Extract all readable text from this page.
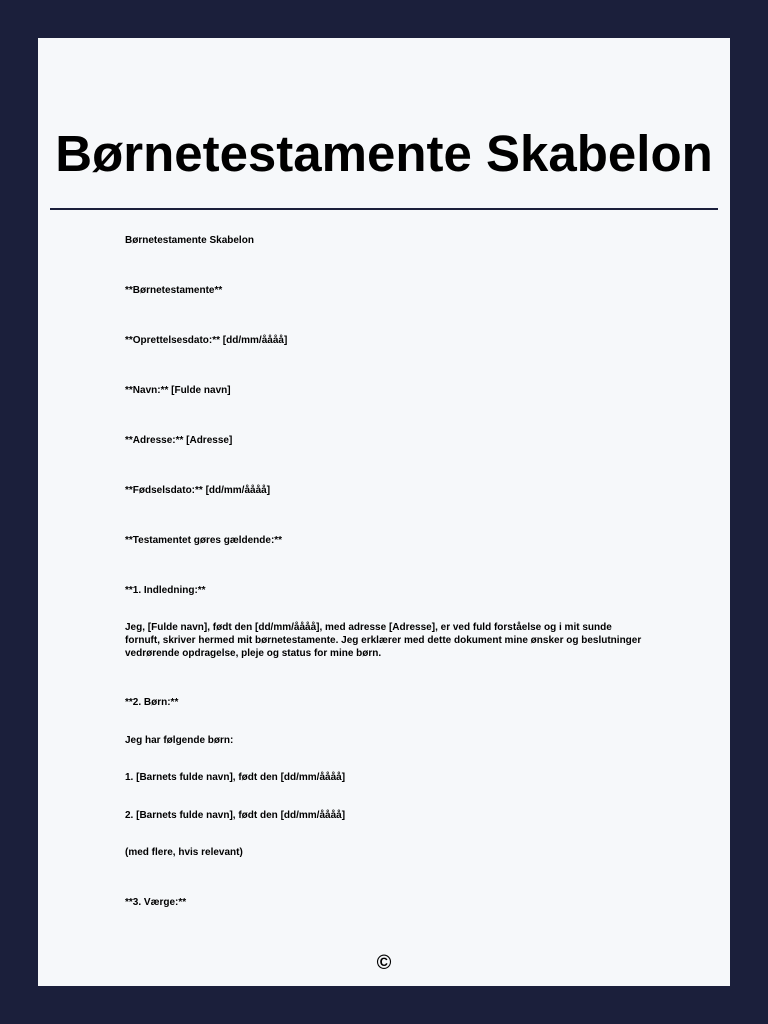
Børnetestamente Skabelon
Børnetestamente Skabelon
**Børnetestamente**
**Oprettelsesdato:** [dd/mm/åååå]
**Navn:** [Fulde navn]
**Adresse:** [Adresse]
**Fødselsdato:** [dd/mm/åååå]
**Testamentet gøres gældende:**
**1. Indledning:**
Jeg, [Fulde navn], født den [dd/mm/åååå], med adresse [Adresse], er ved fuld forståelse og i mit sunde fornuft, skriver hermed mit børnetestamente. Jeg erklærer med dette dokument mine ønsker og beslutninger vedrørende opdragelse, pleje og status for mine børn.
**2. Børn:**
Jeg har følgende børn:
1. [Barnets fulde navn], født den [dd/mm/åååå]
2. [Barnets fulde navn], født den [dd/mm/åååå]
(med flere, hvis relevant)
**3. Værge:**
©
